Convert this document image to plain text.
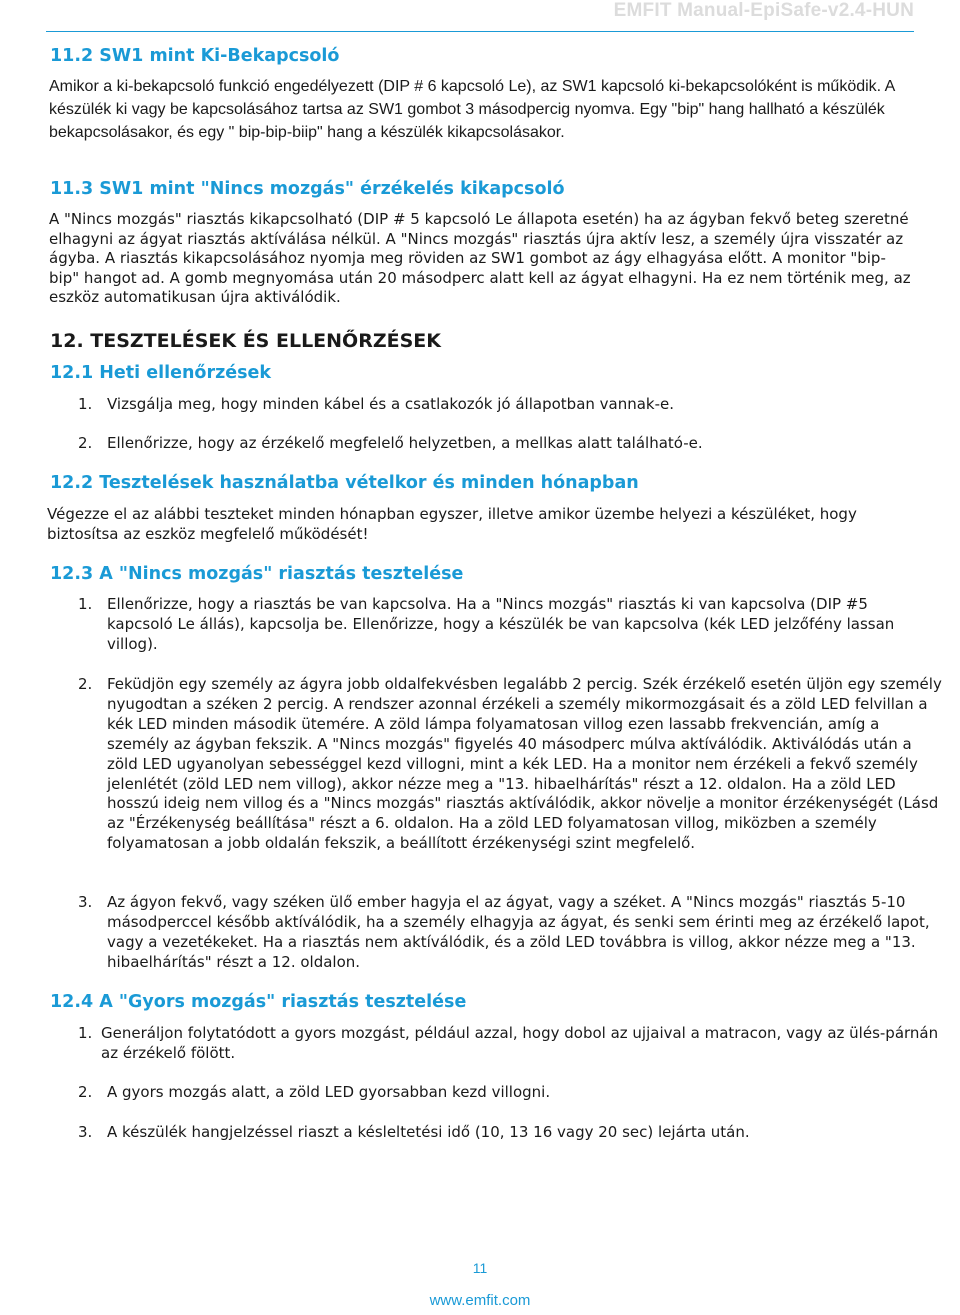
EMFIT Manual-EpiSafe-v2.4-HUN
11.2 SW1 mint Ki-Bekapcsoló

Amikor a ki-bekapcsoló funkció engedélyezett (DIP # 6 kapcsoló Le), az SW1 kapcsoló ki-bekapcsolóként is működik. A készülék ki vagy be kapcsolásához tartsa az SW1 gombot 3 másodpercig nyomva. Egy "bip" hang hallható a készülék bekapcsolásakor, és egy " bip-bip-biip" hang a készülék kikapcsolásakor.

11.3 SW1 mint "Nincs mozgás" érzékelés kikapcsoló

A "Nincs mozgás" riasztás kikapcsolható (DIP # 5 kapcsoló Le állapota esetén) ha az ágyban fekvő beteg szeretné elhagyni az ágyat riasztás aktíválása nélkül. A "Nincs mozgás" riasztás újra aktív lesz, a személy újra visszatér az ágyba. A riasztás kikapcsolásához nyomja meg röviden az SW1 gombot az ágy elhagyása előtt. A monitor "bip-bip" hangot ad. A gomb megnyomása után 20 másodperc alatt kell az ágyat elhagyni. Ha ez nem történik meg, az eszköz automatikusan újra aktiválódik.

12. TESZTELÉSEK ÉS ELLENŐRZÉSEK
12.1 Heti ellenőrzések
1. Vizsgálja meg, hogy minden kábel és a csatlakozók jó állapotban vannak-e.
2. Ellenőrizze, hogy az érzékelő megfelelő helyzetben, a mellkas alatt található-e.
12.2 Tesztelések használatba vételkor és minden hónapban

Végezze el az alábbi teszteket minden hónapban egyszer, illetve amikor üzembe helyezi a készüléket, hogy biztosítsa az eszköz megfelelő működését!

12.3 A "Nincs mozgás" riasztás tesztelése
1. Ellenőrizze, hogy a riasztás be van kapcsolva. Ha a "Nincs mozgás" riasztás ki van kapcsolva (DIP #5 kapcsoló Le állás), kapcsolja be. Ellenőrizze, hogy a készülék be van kapcsolva (kék LED jelzőfény lassan villog).
2. Feküdjön egy személy az ágyra jobb oldalfekvésben legalább 2 percig. Szék érzékelő esetén üljön egy személy nyugodtan a széken 2 percig. A rendszer azonnal érzékeli a személy mikormozgásait és a zöld LED felvillan a kék LED minden második ütemére. A zöld lámpa folyamatosan villog ezen lassabb frekvencián, amíg a személy az ágyban fekszik. A "Nincs mozgás" figyelés 40 másodperc múlva aktíválódik. Aktiválódás után a zöld LED ugyanolyan sebességgel kezd villogni, mint a kék LED. Ha a monitor nem érzékeli a fekvő személy jelenlétét (zöld LED nem villog), akkor nézze meg a "13. hibaelhárítás" részt a 12. oldalon. Ha a zöld LED hosszú ideig nem villog és a "Nincs mozgás" riasztás aktíválódik, akkor növelje a monitor érzékenységét (Lásd az "Érzékenység beállítása" részt a 6. oldalon. Ha a zöld LED folyamatosan villog, miközben a személy folyamatosan a jobb oldalán fekszik, a beállított érzékenységi szint megfelelő.
3. Az ágyon fekvő, vagy széken ülő ember hagyja el az ágyat, vagy a széket. A "Nincs mozgás" riasztás 5-10 másodperccel később aktíválódik, ha a személy elhagyja az ágyat, és senki sem érinti meg az érzékelő lapot, vagy a vezetékeket. Ha a riasztás nem aktíválódik, és a zöld LED továbbra is villog, akkor nézze meg a "13. hibaelhárítás" részt a 12. oldalon.
12.4 A "Gyors mozgás" riasztás tesztelése
1. Generáljon folytatódott a gyors mozgást, például azzal, hogy dobol az ujjaival a matracon, vagy az ülés-párnán az érzékelő fölött.
2. A gyors mozgás alatt, a zöld LED gyorsabban kezd villogni.
3. A készülék hangjelzéssel riaszt a késleltetési idő (10, 13 16 vagy 20 sec) lejárta után.
11
www.emfit.com
